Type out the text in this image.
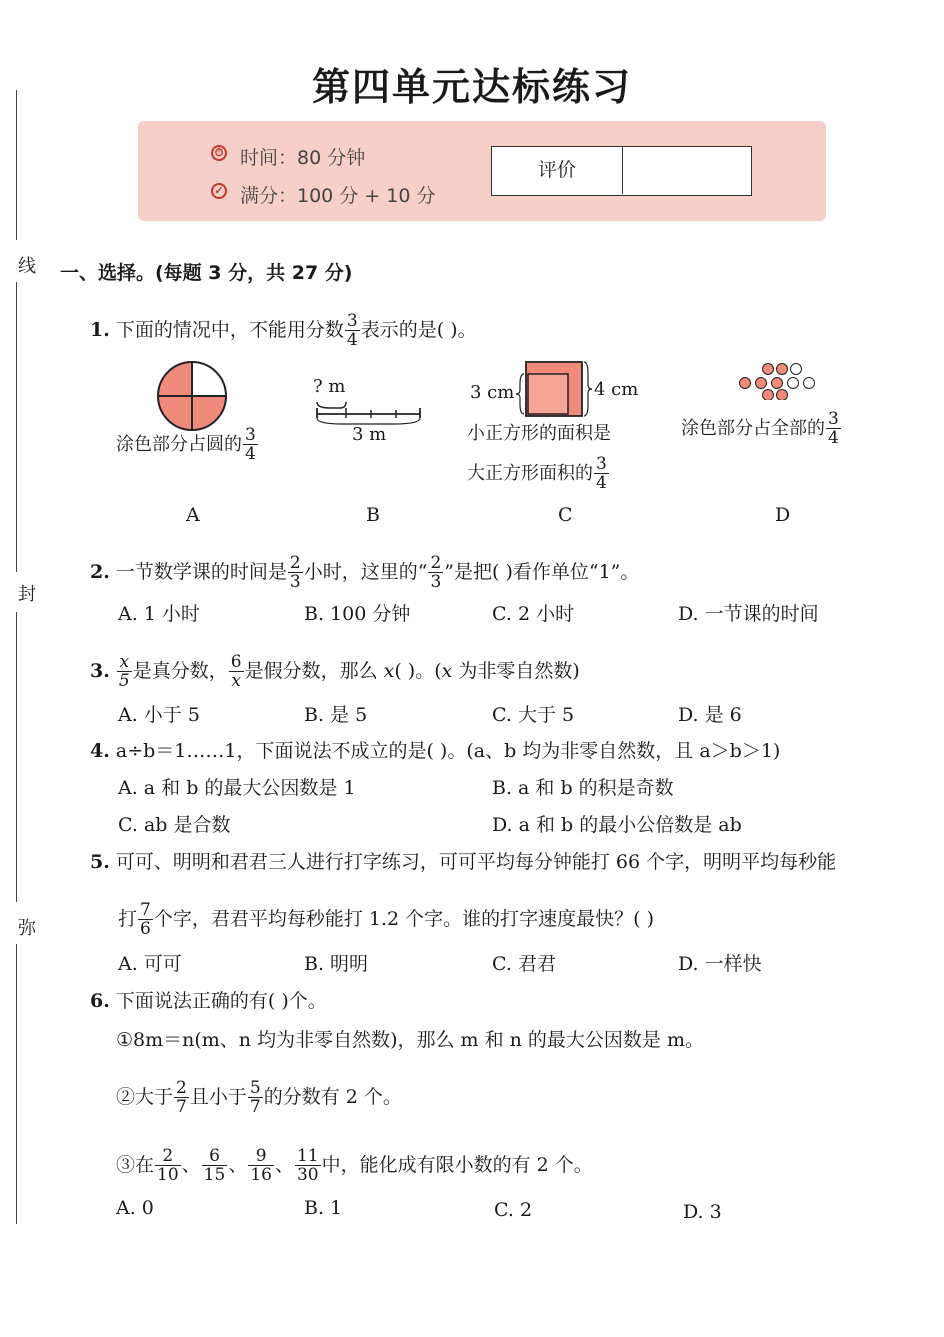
线
封
弥
第四单元达标练习
⏱ 时间：80 分钟
✓ 满分：100 分 + 10 分
评价
一、选择。(每题 3 分，共 27 分)
1. 下面的情况中，不能用分数 $\frac{3}{4}$ 表示的是( )。
涂色部分占圆的 $\frac{3}{4}$
A
? m
3 m
B
3 cm	4 cm
小正方形的面积是
大正方形面积的 $\frac{3}{4}$
C
涂色部分占全部的 $\frac{3}{4}$
D
2. 一节数学课的时间是 $\frac{2}{3}$ 小时，这里的“ $\frac{2}{3}$ ”是把( )看作单位“1”。
A. 1 小时	B. 100 分钟	C. 2 小时	D. 一节课的时间
3. $\frac{x}{5}$ 是真分数， $\frac{6}{x}$ 是假分数，那么 x( )。(x 为非零自然数)
A. 小于 5	B. 是 5	C. 大于 5	D. 是 6
4. a÷b＝1……1，下面说法不成立的是( )。(a、b 均为非零自然数，且 a＞b＞1)
A. a 和 b 的最大公因数是 1	B. a 和 b 的积是奇数
C. ab 是合数	D. a 和 b 的最小公倍数是 ab
5. 可可、明明和君君三人进行打字练习，可可平均每分钟能打 66 个字，明明平均每秒能
打 $\frac{7}{6}$ 个字，君君平均每秒能打 1.2 个字。谁的打字速度最快？( )
A. 可可	B. 明明	C. 君君	D. 一样快
6. 下面说法正确的有( )个。
①8m＝n(m、n 均为非零自然数)，那么 m 和 n 的最大公因数是 m。
②大于 $\frac{2}{7}$ 且小于 $\frac{5}{7}$ 的分数有 2 个。
③在 $\frac{2}{10}$ 、 $\frac{6}{15}$ 、 $\frac{9}{16}$ 、 $\frac{11}{30}$ 中，能化成有限小数的有 2 个。
A. 0	B. 1	C. 2	D. 3
